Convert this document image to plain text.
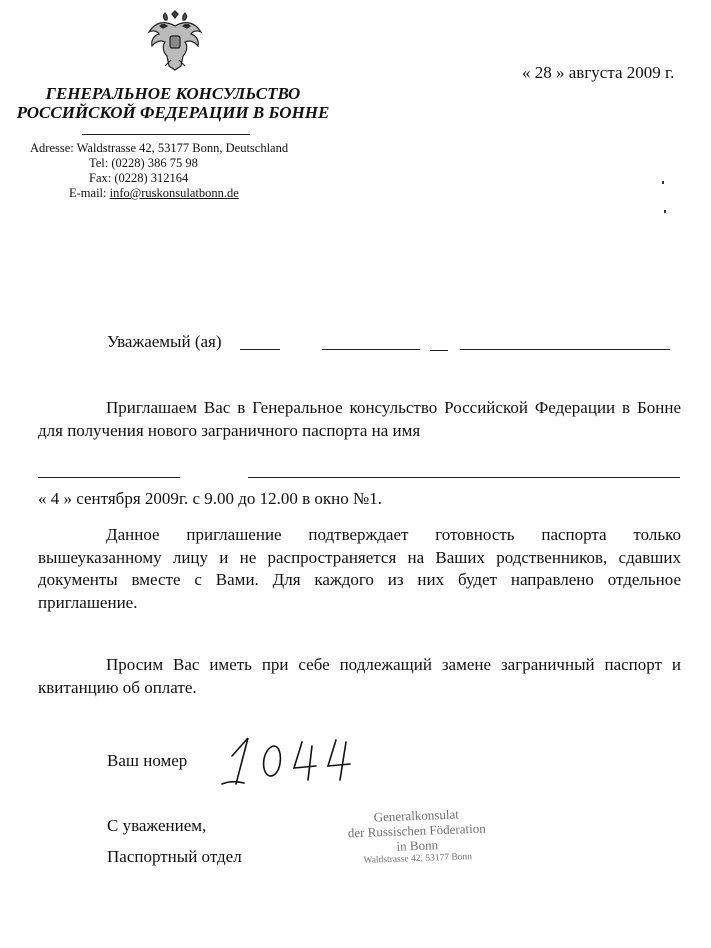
« 28 » августа 2009 г.
ГЕНЕРАЛЬНОЕ КОНСУЛЬСТВО
РОССИЙСКОЙ ФЕДЕРАЦИИ В БОННЕ
Adresse: Waldstrasse 42, 53177 Bonn, Deutschland
Tel: (0228) 386 75 98
Fax: (0228) 312164
E-mail: info@ruskonsulatbonn.de
Уважаемый (ая)
Приглашаем Вас в Генеральное консульство Российской Федерации в Бонне для получения нового заграничного паспорта на имя
« 4 » сентября 2009г. с 9.00 до 12.00 в окно №1.
Данное приглашение подтверждает готовность паспорта только вышеуказанному лицу и не распространяется на Ваших родственников, сдавших документы вместе с Вами. Для каждого из них будет направлено отдельное приглашение.
Просим Вас иметь при себе подлежащий замене заграничный паспорт и квитанцию об оплате.
Ваш номер
С уважением,
Паспортный отдел
Generalkonsulat
der Russischen Föderation
in Bonn
Waldstrasse 42, 53177 Bonn
